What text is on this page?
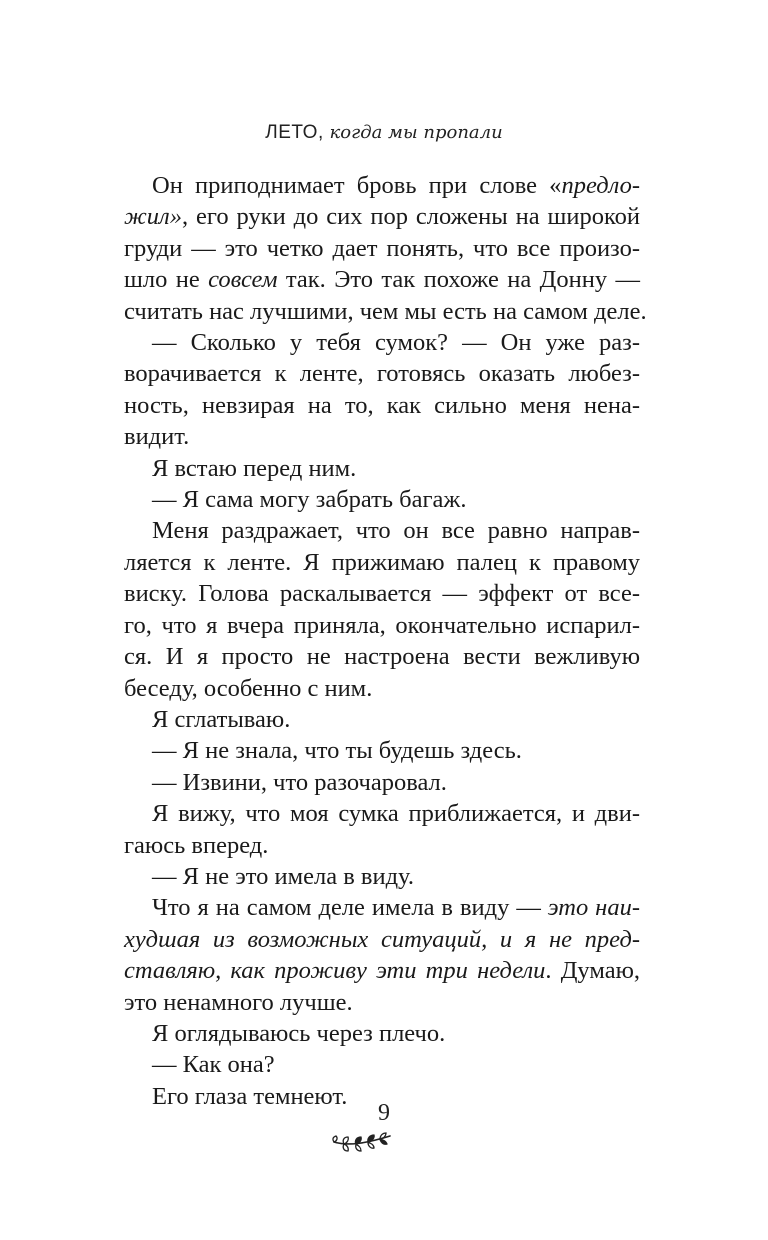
ЛЕТО, когда мы пропали

Он приподнимает бровь при слове «предло-
жил», его руки до сих пор сложены на широкой
груди — это четко дает понять, что все произо-
шло не совсем так. Это так похоже на Донну —
считать нас лучшими, чем мы есть на самом деле.

— Сколько у тебя сумок? — Он уже раз-
ворачивается к ленте, готовясь оказать любез-
ность, невзирая на то, как сильно меня нена-
видит.

Я встаю перед ним.

— Я сама могу забрать багаж.

Меня раздражает, что он все равно направ-
ляется к ленте. Я прижимаю палец к правому
виску. Голова раскалывается — эффект от все-
го, что я вчера приняла, окончательно испарил-
ся. И я просто не настроена вести вежливую
беседу, особенно с ним.

Я сглатываю.

— Я не знала, что ты будешь здесь.

— Извини, что разочаровал.

Я вижу, что моя сумка приближается, и дви-
гаюсь вперед.

— Я не это имела в виду.

Что я на самом деле имела в виду — это наи-
худшая из возможных ситуаций, и я не пред-
ставляю, как проживу эти три недели. Думаю,
это ненамного лучше.

Я оглядываюсь через плечо.

— Как она?

Его глаза темнеют.

9
